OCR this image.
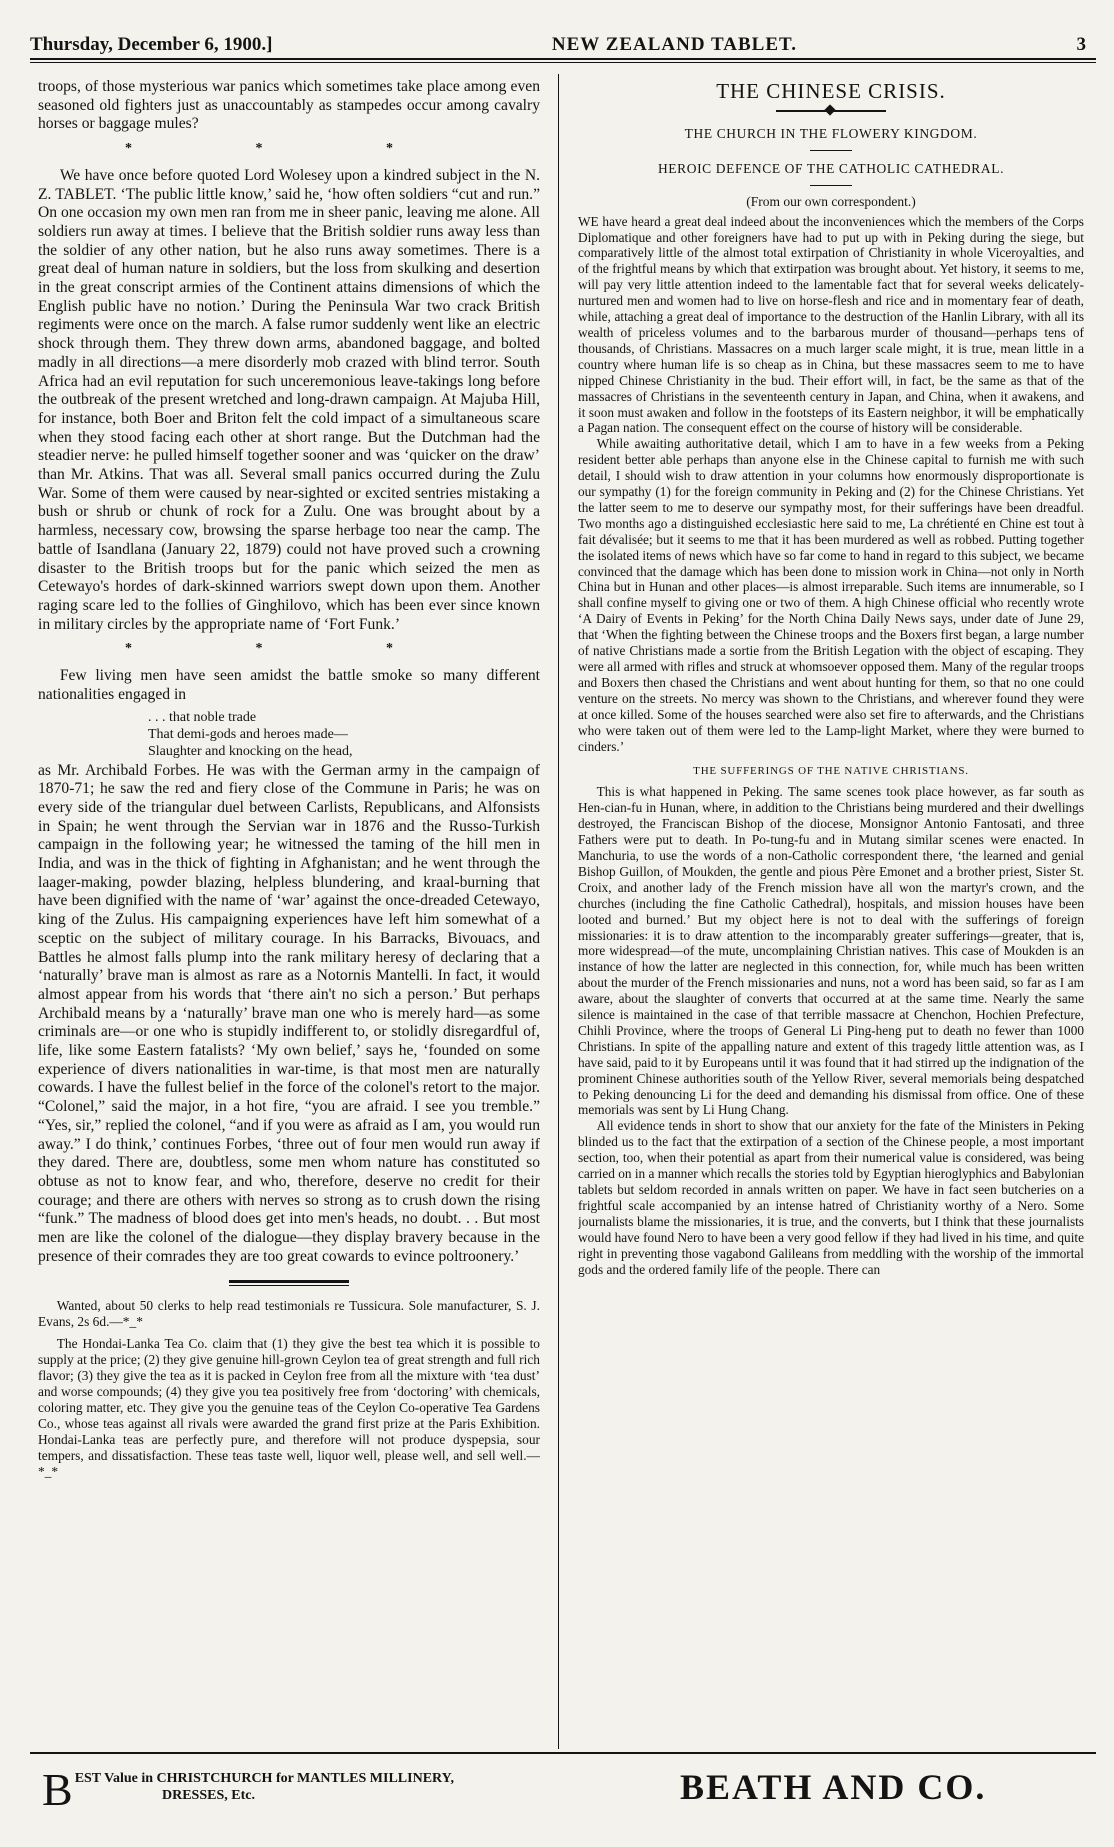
Thursday, December 6, 1900.]	NEW ZEALAND TABLET.	3

troops, of those mysterious war panics which sometimes take place among even seasoned old fighters just as unaccountably as stampedes occur among cavalry horses or baggage mules?

* * *

We have once before quoted Lord Wolesey upon a kindred subject in the N. Z. TABLET. ‘The public little know,’ said he, ‘how often soldiers “cut and run.” On one occasion my own men ran from me in sheer panic, leaving me alone. All soldiers run away at times. I believe that the British soldier runs away less than the soldier of any other nation, but he also runs away sometimes. There is a great deal of human nature in soldiers, but the loss from skulking and desertion in the great conscript armies of the Continent attains dimensions of which the English public have no notion.’ During the Peninsula War two crack British regiments were once on the march. A false rumor suddenly went like an electric shock through them. They threw down arms, abandoned baggage, and bolted madly in all directions—a mere disorderly mob crazed with blind terror. South Africa had an evil reputation for such unceremonious leave-takings long before the outbreak of the present wretched and long-drawn campaign. At Majuba Hill, for instance, both Boer and Briton felt the cold impact of a simultaneous scare when they stood facing each other at short range. But the Dutchman had the steadier nerve: he pulled himself together sooner and was ‘quicker on the draw’ than Mr. Atkins. That was all. Several small panics occurred during the Zulu War. Some of them were caused by near-sighted or excited sentries mistaking a bush or shrub or chunk of rock for a Zulu. One was brought about by a harmless, necessary cow, browsing the sparse herbage too near the camp. The battle of Isandlana (January 22, 1879) could not have proved such a crowning disaster to the British troops but for the panic which seized the men as Cetewayo's hordes of dark-skinned warriors swept down upon them. Another raging scare led to the follies of Ginghilovo, which has been ever since known in military circles by the appropriate name of ‘Fort Funk.’

* * *

Few living men have seen amidst the battle smoke so many different nationalities engaged in

. . . that noble trade
That demi-gods and heroes made—
Slaughter and knocking on the head,

as Mr. Archibald Forbes. He was with the German army in the campaign of 1870-71; he saw the red and fiery close of the Commune in Paris; he was on every side of the triangular duel between Carlists, Republicans, and Alfonsists in Spain; he went through the Servian war in 1876 and the Russo-Turkish campaign in the following year; he witnessed the taming of the hill men in India, and was in the thick of fighting in Afghanistan; and he went through the laager-making, powder blazing, helpless blundering, and kraal-burning that have been dignified with the name of ‘war’ against the once-dreaded Cetewayo, king of the Zulus. His campaigning experiences have left him somewhat of a sceptic on the subject of military courage. In his Barracks, Bivouacs, and Battles he almost falls plump into the rank military heresy of declaring that a ‘naturally’ brave man is almost as rare as a Notornis Mantelli. In fact, it would almost appear from his words that ‘there ain't no sich a person.’ But perhaps Archibald means by a ‘naturally’ brave man one who is merely hard—as some criminals are—or one who is stupidly indifferent to, or stolidly disregardful of, life, like some Eastern fatalists? ‘My own belief,’ says he, ‘founded on some experience of divers nationalities in war-time, is that most men are naturally cowards. I have the fullest belief in the force of the colonel's retort to the major. “Colonel,” said the major, in a hot fire, “you are afraid. I see you tremble.” “Yes, sir,” replied the colonel, “and if you were as afraid as I am, you would run away.” I do think,’ continues Forbes, ‘three out of four men would run away if they dared. There are, doubtless, some men whom nature has constituted so obtuse as not to know fear, and who, therefore, deserve no credit for their courage; and there are others with nerves so strong as to crush down the rising “funk.” The madness of blood does get into men's heads, no doubt. . . But most men are like the colonel of the dialogue—they display bravery because in the presence of their comrades they are too great cowards to evince poltroonery.’

Wanted, about 50 clerks to help read testimonials re Tussicura. Sole manufacturer, S. J. Evans, 2s 6d.—*_*

The Hondai-Lanka Tea Co. claim that (1) they give the best tea which it is possible to supply at the price; (2) they give genuine hill-grown Ceylon tea of great strength and full rich flavor; (3) they give the tea as it is packed in Ceylon free from all the mixture with ‘tea dust’ and worse compounds; (4) they give you tea positively free from ‘doctoring’ with chemicals, coloring matter, etc. They give you the genuine teas of the Ceylon Co-operative Tea Gardens Co., whose teas against all rivals were awarded the grand first prize at the Paris Exhibition. Hondai-Lanka teas are perfectly pure, and therefore will not produce dyspepsia, sour tempers, and dissatisfaction. These teas taste well, liquor well, please well, and sell well.—*_*

THE CHINESE CRISIS.
THE CHURCH IN THE FLOWERY KINGDOM.
HEROIC DEFENCE OF THE CATHOLIC CATHEDRAL.
(From our own correspondent.)

WE have heard a great deal indeed about the inconveniences which the members of the Corps Diplomatique and other foreigners have had to put up with in Peking during the siege, but comparatively little of the almost total extirpation of Christianity in whole Viceroyalties, and of the frightful means by which that extirpation was brought about. Yet history, it seems to me, will pay very little attention indeed to the lamentable fact that for several weeks delicately-nurtured men and women had to live on horse-flesh and rice and in momentary fear of death, while, attaching a great deal of importance to the destruction of the Hanlin Library, with all its wealth of priceless volumes and to the barbarous murder of thousand—perhaps tens of thousands, of Christians. Massacres on a much larger scale might, it is true, mean little in a country where human life is so cheap as in China, but these massacres seem to me to have nipped Chinese Christianity in the bud. Their effort will, in fact, be the same as that of the massacres of Christians in the seventeenth century in Japan, and China, when it awakens, and it soon must awaken and follow in the footsteps of its Eastern neighbor, it will be emphatically a Pagan nation. The consequent effect on the course of history will be considerable.

While awaiting authoritative detail, which I am to have in a few weeks from a Peking resident better able perhaps than anyone else in the Chinese capital to furnish me with such detail, I should wish to draw attention in your columns how enormously disproportionate is our sympathy (1) for the foreign community in Peking and (2) for the Chinese Christians. Yet the latter seem to me to deserve our sympathy most, for their sufferings have been dreadful. Two months ago a distinguished ecclesiastic here said to me, La chrétienté en Chine est tout à fait dévalisée; but it seems to me that it has been murdered as well as robbed. Putting together the isolated items of news which have so far come to hand in regard to this subject, we became convinced that the damage which has been done to mission work in China—not only in North China but in Hunan and other places—is almost irreparable. Such items are innumerable, so I shall confine myself to giving one or two of them. A high Chinese official who recently wrote ‘A Dairy of Events in Peking’ for the North China Daily News says, under date of June 29, that ‘When the fighting between the Chinese troops and the Boxers first began, a large number of native Christians made a sortie from the British Legation with the object of escaping. They were all armed with rifles and struck at whomsoever opposed them. Many of the regular troops and Boxers then chased the Christians and went about hunting for them, so that no one could venture on the streets. No mercy was shown to the Christians, and wherever found they were at once killed. Some of the houses searched were also set fire to afterwards, and the Christians who were taken out of them were led to the Lamp-light Market, where they were burned to cinders.’

THE SUFFERINGS OF THE NATIVE CHRISTIANS.

This is what happened in Peking. The same scenes took place however, as far south as Hen-cian-fu in Hunan, where, in addition to the Christians being murdered and their dwellings destroyed, the Franciscan Bishop of the diocese, Monsignor Antonio Fantosati, and three Fathers were put to death. In Po-tung-fu and in Mutang similar scenes were enacted. In Manchuria, to use the words of a non-Catholic correspondent there, ‘the learned and genial Bishop Guillon, of Moukden, the gentle and pious Père Emonet and a brother priest, Sister St. Croix, and another lady of the French mission have all won the martyr's crown, and the churches (including the fine Catholic Cathedral), hospitals, and mission houses have been looted and burned.’ But my object here is not to deal with the sufferings of foreign missionaries: it is to draw attention to the incomparably greater sufferings—greater, that is, more widespread—of the mute, uncomplaining Christian natives. This case of Moukden is an instance of how the latter are neglected in this connection, for, while much has been written about the murder of the French missionaries and nuns, not a word has been said, so far as I am aware, about the slaughter of converts that occurred at at the same time. Nearly the same silence is maintained in the case of that terrible massacre at Chenchon, Hochien Prefecture, Chihli Province, where the troops of General Li Ping-heng put to death no fewer than 1000 Christians. In spite of the appalling nature and extent of this tragedy little attention was, as I have said, paid to it by Europeans until it was found that it had stirred up the indignation of the prominent Chinese authorities south of the Yellow River, several memorials being despatched to Peking denouncing Li for the deed and demanding his dismissal from office. One of these memorials was sent by Li Hung Chang.

All evidence tends in short to show that our anxiety for the fate of the Ministers in Peking blinded us to the fact that the extirpation of a section of the Chinese people, a most important section, too, when their potential as apart from their numerical value is considered, was being carried on in a manner which recalls the stories told by Egyptian hieroglyphics and Babylonian tablets but seldom recorded in annals written on paper. We have in fact seen butcheries on a frightful scale accompanied by an intense hatred of Christianity worthy of a Nero. Some journalists blame the missionaries, it is true, and the converts, but I think that these journalists would have found Nero to have been a very good fellow if they had lived in his time, and quite right in preventing those vagabond Galileans from meddling with the worship of the immortal gods and the ordered family life of the people. There can

B EST Value in CHRISTCHURCH for MANTLES MILLINERY,
DRESSES, Etc.	BEATH AND CO.
